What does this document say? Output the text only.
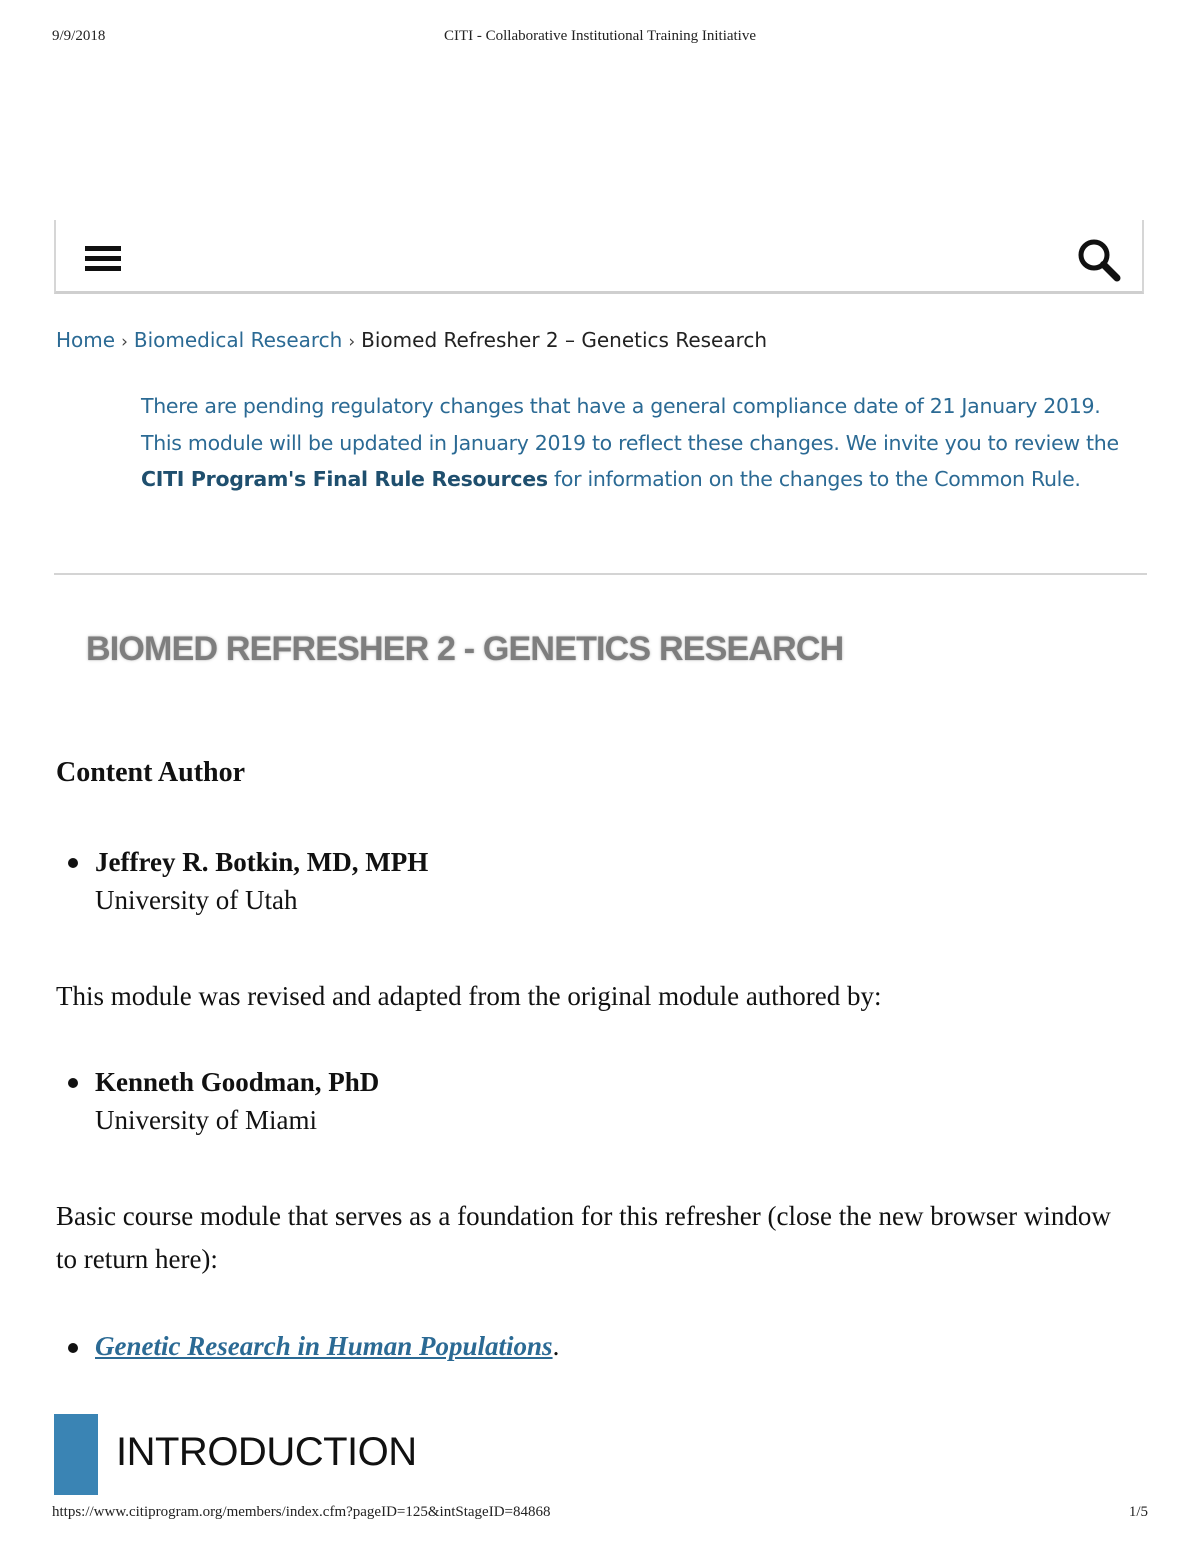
9/9/2018	CITI - Collaborative Institutional Training Initiative
Home › Biomedical Research › Biomed Refresher 2 – Genetics Research
There are pending regulatory changes that have a general compliance date of 21 January 2019. This module will be updated in January 2019 to reflect these changes. We invite you to review the CITI Program's Final Rule Resources for information on the changes to the Common Rule.
BIOMED REFRESHER 2 - GENETICS RESEARCH
Content Author
Jeffrey R. Botkin, MD, MPH
University of Utah
This module was revised and adapted from the original module authored by:
Kenneth Goodman, PhD
University of Miami
Basic course module that serves as a foundation for this refresher (close the new browser window to return here):
Genetic Research in Human Populations.
INTRODUCTION
https://www.citiprogram.org/members/index.cfm?pageID=125&intStageID=84868	1/5
